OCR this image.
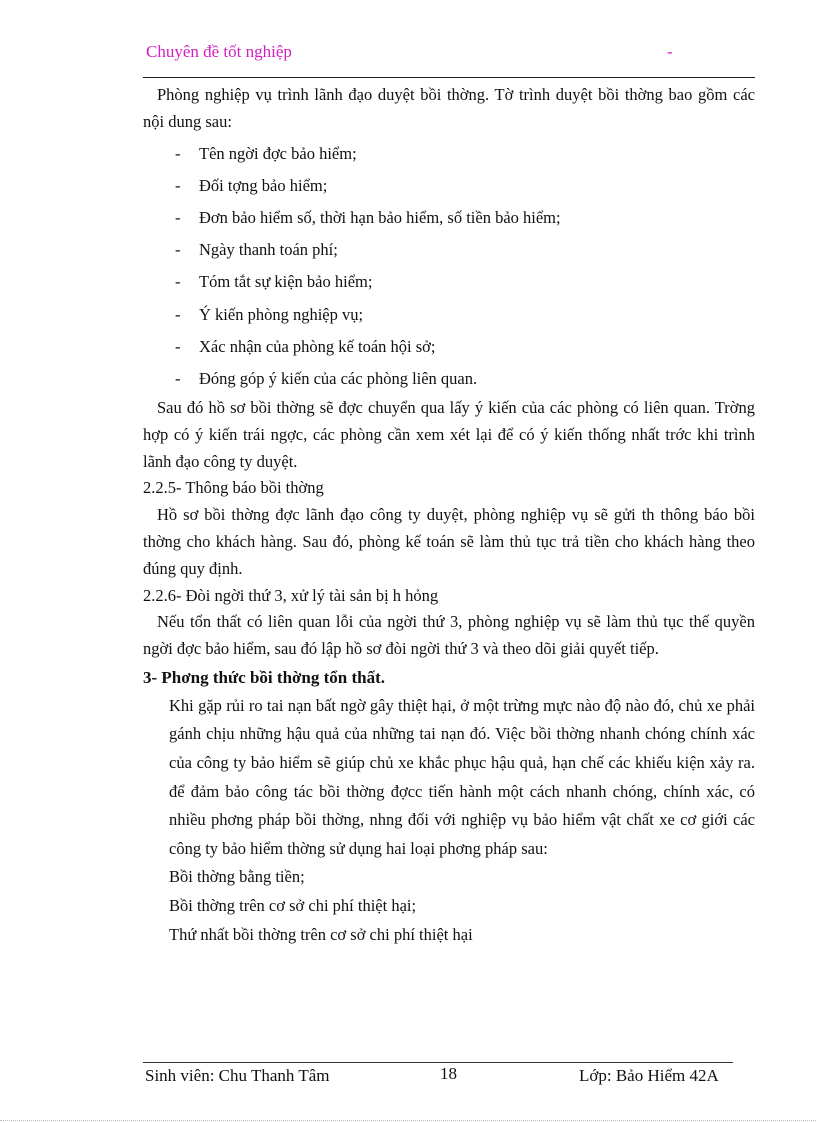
Chuyên đề tốt nghiệp	-
Phòng nghiệp vụ trình lãnh đạo duyệt bồi thờng. Tờ trình duyệt bồi thờng bao gồm các nội dung sau:
- Tên ngời đợc bảo hiểm;
- Đối tợng bảo hiểm;
- Đơn bảo hiểm số, thời hạn bảo hiểm, số tiền bảo hiểm;
- Ngày thanh toán phí;
- Tóm tắt sự kiện bảo hiểm;
- Ý kiến phòng nghiệp vụ;
- Xác nhận của phòng kế toán hội sở;
- Đóng góp ý kiến của các phòng liên quan.
Sau đó hồ sơ bồi thờng sẽ đợc chuyển qua lấy ý kiến của các phòng có liên quan. Trờng hợp có ý kiến trái ngợc, các phòng cần xem xét lại để có ý kiến thống nhất trớc khi trình lãnh đạo công ty duyệt.
2.2.5- Thông báo bồi thờng
Hồ sơ bồi thờng đợc lãnh đạo công ty duyệt, phòng nghiệp vụ sẽ gửi th thông báo bồi thờng cho khách hàng. Sau đó, phòng kế toán sẽ làm thủ tục trả tiền cho khách hàng theo đúng quy định.
2.2.6- Đòi ngời thứ 3, xử lý tài sản bị h hỏng
Nếu tổn thất có liên quan lỗi của ngời thứ 3, phòng nghiệp vụ sẽ làm thủ tục thế quyền ngời đợc bảo hiểm, sau đó lập hồ sơ đòi ngời thứ 3 và theo dõi giải quyết tiếp.
3- Phơng thức bồi thờng tổn thất.
Khi gặp rủi ro tai nạn bất ngờ gây thiệt hại, ở một trừng mực nào độ nào đó, chủ xe phải gánh chịu những hậu quả của những tai nạn đó. Việc bồi thờng nhanh chóng chính xác của công ty bảo hiểm sẽ giúp chủ xe khắc phục hậu quả, hạn chế các khiếu kiện xảy ra. để đảm bảo công tác bồi thờng đợcc tiến hành một cách nhanh chóng, chính xác, có nhiều phơng pháp bồi thờng, nhng đối với nghiệp vụ bảo hiểm vật chất xe cơ giới các công ty bảo hiểm thờng sử dụng hai loại phơng pháp sau:
Bồi thờng bằng tiền;
Bồi thờng trên cơ sở chi phí thiệt hại;
Thứ nhất bồi thờng trên cơ sở chi phí thiệt hại
Sinh viên: Chu Thanh Tâm	18	Lớp: Bảo Hiểm 42A
